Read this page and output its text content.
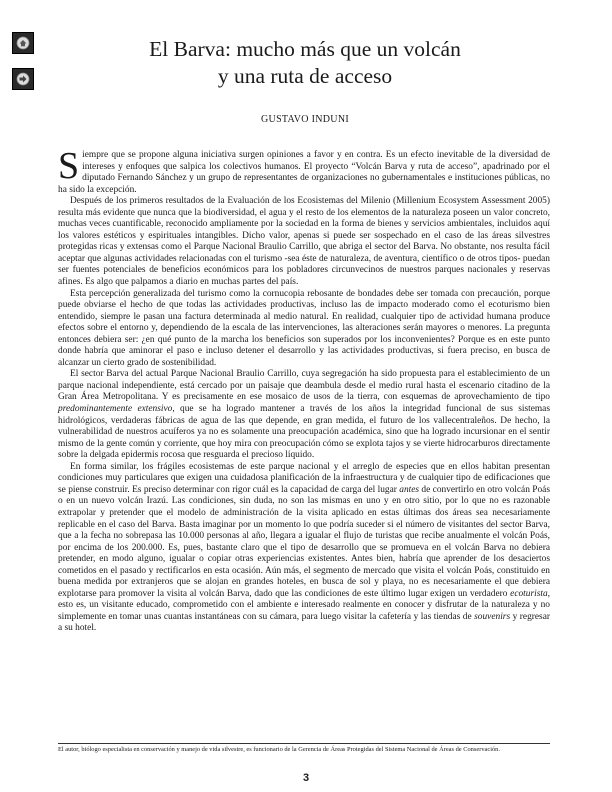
El Barva: mucho más que un volcán
y una ruta de acceso
GUSTAVO INDUNI

Siempre que se propone alguna iniciativa surgen opiniones a favor y en contra. Es un efecto inevitable de la diversidad de intereses y enfoques que salpica los colectivos humanos. El proyecto “Volcán Barva y ruta de acceso”, apadrinado por el diputado Fernando Sánchez y un grupo de representantes de organizaciones no gubernamentales e instituciones públicas, no ha sido la excepción.

Después de los primeros resultados de la Evaluación de los Ecosistemas del Milenio (Millenium Ecosystem Assessment 2005) resulta más evidente que nunca que la biodiversidad, el agua y el resto de los elementos de la naturaleza poseen un valor concreto, muchas veces cuantificable, reconocido ampliamente por la sociedad en la forma de bienes y servicios ambientales, incluidos aquí los valores estéticos y espirituales intangibles. Dicho valor, apenas si puede ser sospechado en el caso de las áreas silvestres protegidas ricas y extensas como el Parque Nacional Braulio Carrillo, que abriga el sector del Barva. No obstante, nos resulta fácil aceptar que algunas actividades relacionadas con el turismo -sea éste de naturaleza, de aventura, científico o de otros tipos- puedan ser fuentes potenciales de beneficios económicos para los pobladores circunvecinos de nuestros parques nacionales y reservas afines. Es algo que palpamos a diario en muchas partes del país.

Esta percepción generalizada del turismo como la cornucopia rebosante de bondades debe ser tomada con precaución, porque puede obviarse el hecho de que todas las actividades productivas, incluso las de impacto moderado como el ecoturismo bien entendido, siempre le pasan una factura determinada al medio natural. En realidad, cualquier tipo de actividad humana produce efectos sobre el entorno y, dependiendo de la escala de las intervenciones, las alteraciones serán mayores o menores. La pregunta entonces debiera ser: ¿en qué punto de la marcha los beneficios son superados por los inconvenientes? Porque es en este punto donde habría que aminorar el paso e incluso detener el desarrollo y las actividades productivas, si fuera preciso, en busca de alcanzar un cierto grado de sostenibilidad.

El sector Barva del actual Parque Nacional Braulio Carrillo, cuya segregación ha sido propuesta para el establecimiento de un parque nacional independiente, está cercado por un paisaje que deambula desde el medio rural hasta el escenario citadino de la Gran Área Metropolitana. Y es precisamente en ese mosaico de usos de la tierra, con esquemas de aprovechamiento de tipo predominantemente extensivo, que se ha logrado mantener a través de los años la integridad funcional de sus sistemas hidrológicos, verdaderas fábricas de agua de las que depende, en gran medida, el futuro de los vallecentraleños. De hecho, la vulnerabilidad de nuestros acuíferos ya no es solamente una preocupación académica, sino que ha logrado incursionar en el sentir mismo de la gente común y corriente, que hoy mira con preocupación cómo se explota tajos y se vierte hidrocarburos directamente sobre la delgada epidermis rocosa que resguarda el precioso líquido.

En forma similar, los frágiles ecosistemas de este parque nacional y el arreglo de especies que en ellos habitan presentan condiciones muy particulares que exigen una cuidadosa planificación de la infraestructura y de cualquier tipo de edificaciones que se piense construir. Es preciso determinar con rigor cuál es la capacidad de carga del lugar antes de convertirlo en otro volcán Poás o en un nuevo volcán Irazú. Las condiciones, sin duda, no son las mismas en uno y en otro sitio, por lo que no es razonable extrapolar y pretender que el modelo de administración de la visita aplicado en estas últimas dos áreas sea necesariamente replicable en el caso del Barva. Basta imaginar por un momento lo que podría suceder si el número de visitantes del sector Barva, que a la fecha no sobrepasa las 10.000 personas al año, llegara a igualar el flujo de turistas que recibe anualmente el volcán Poás, por encima de los 200.000. Es, pues, bastante claro que el tipo de desarrollo que se promueva en el volcán Barva no debiera pretender, en modo alguno, igualar o copiar otras experiencias existentes. Antes bien, habría que aprender de los desaciertos cometidos en el pasado y rectificarlos en esta ocasión. Aún más, el segmento de mercado que visita el volcán Poás, constituido en buena medida por extranjeros que se alojan en grandes hoteles, en busca de sol y playa, no es necesariamente el que debiera explotarse para promover la visita al volcán Barva, dado que las condiciones de este último lugar exigen un verdadero ecoturista, esto es, un visitante educado, comprometido con el ambiente e interesado realmente en conocer y disfrutar de la naturaleza y no simplemente en tomar unas cuantas instantáneas con su cámara, para luego visitar la cafetería y las tiendas de souvenirs y regresar a su hotel.

El autor, biólogo especialista en conservación y manejo de vida silvestre, es funcionario de la Gerencia de Áreas Protegidas del Sistema Nacional de Áreas de Conservación.
3
